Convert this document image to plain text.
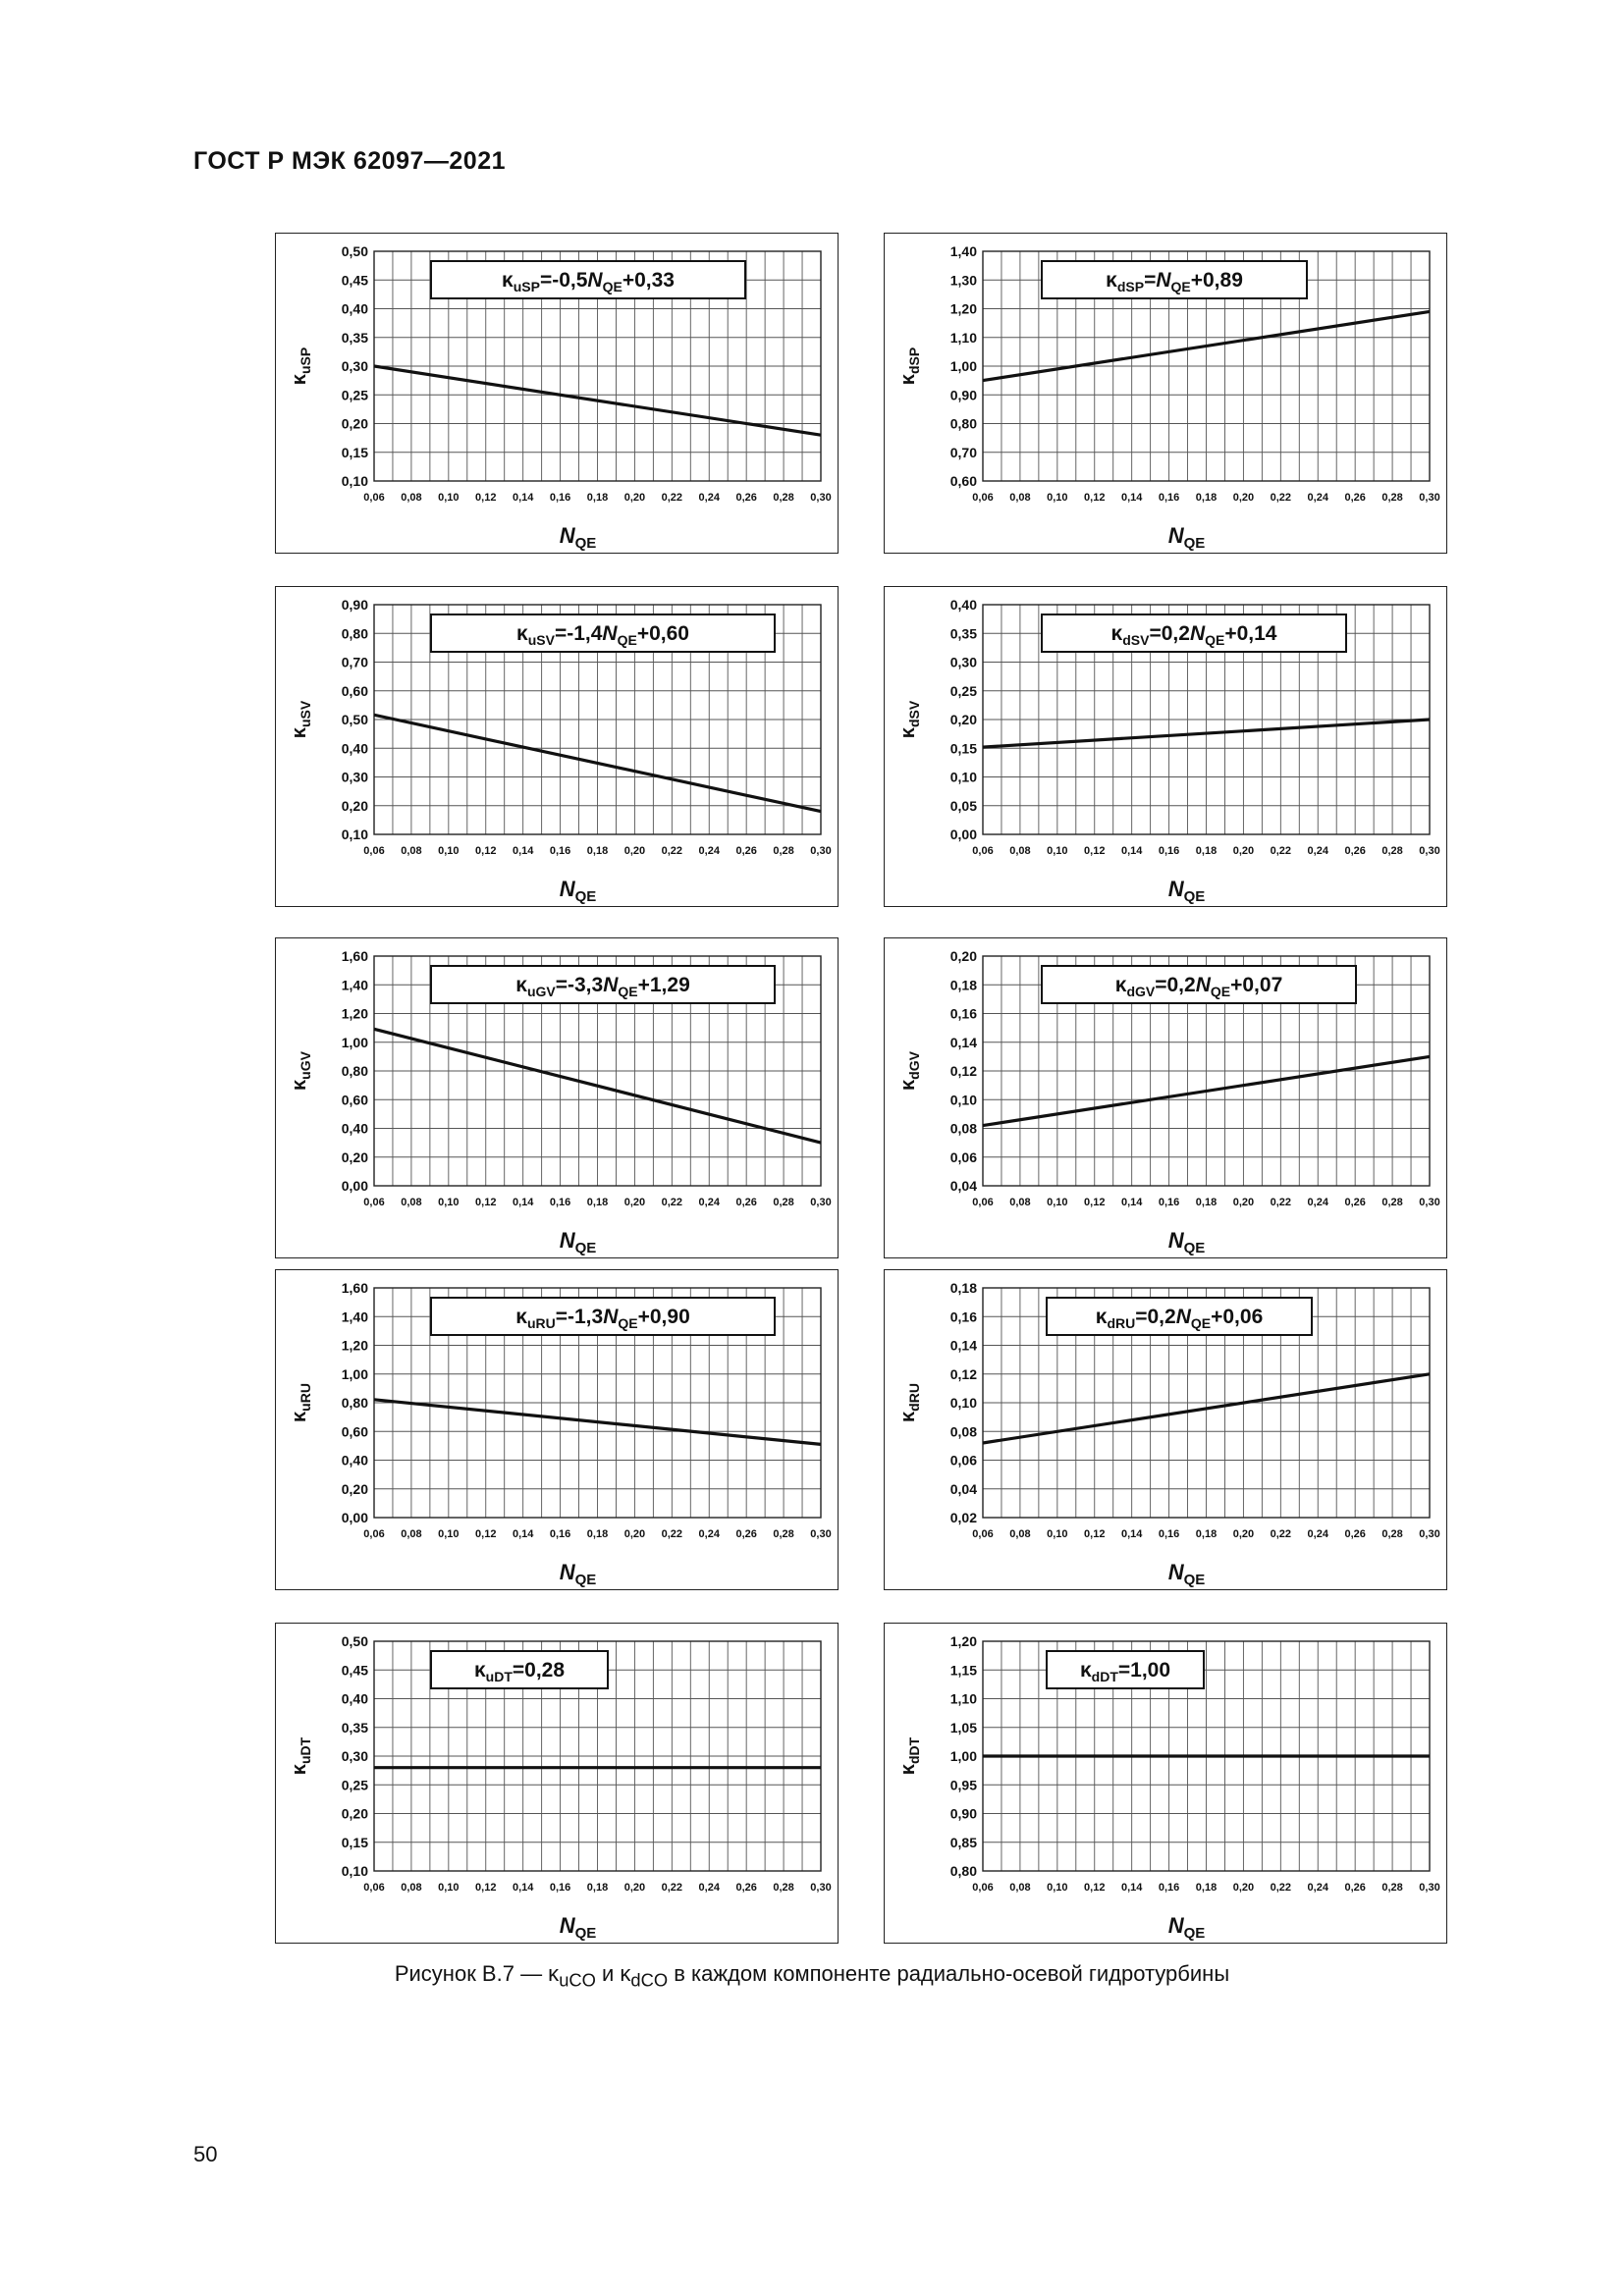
ГОСТ Р МЭК 62097—2021
0,10
0,15
0,20
0,25
0,30
0,35
0,40
0,45
0,50
0,06 0,08 0,10 0,12 0,14 0,16 0,18 0,20 0,22 0,24 0,26 0,28 0,30
$\kappa_{uSP}$
$N_{QE}$
$\kappa_{uSP}=-0,5N_{QE}+0,33$
0,60
0,70
0,80
0,90
1,00
1,10
1,20
1,30
1,40
0,06 0,08 0,10 0,12 0,14 0,16 0,18 0,20 0,22 0,24 0,26 0,28 0,30
$\kappa_{dSP}$
$N_{QE}$
$\kappa_{dSP}=N_{QE}+0,89$
0,10
0,20
0,30
0,40
0,50
0,60
0,70
0,80
0,90
0,06 0,08 0,10 0,12 0,14 0,16 0,18 0,20 0,22 0,24 0,26 0,28 0,30
$\kappa_{uSV}$
$N_{QE}$
$\kappa_{uSV}=-1,4N_{QE}+0,60$
0,00
0,05
0,10
0,15
0,20
0,25
0,30
0,35
0,40
0,06 0,08 0,10 0,12 0,14 0,16 0,18 0,20 0,22 0,24 0,26 0,28 0,30
$\kappa_{dSV}$
$N_{QE}$
$\kappa_{dSV}=0,2N_{QE}+0,14$
0,00
0,20
0,40
0,60
0,80
1,00
1,20
1,40
1,60
0,06 0,08 0,10 0,12 0,14 0,16 0,18 0,20 0,22 0,24 0,26 0,28 0,30
$\kappa_{uGV}$
$N_{QE}$
$\kappa_{uGV}=-3,3N_{QE}+1,29$
0,04
0,06
0,08
0,10
0,12
0,14
0,16
0,18
0,20
0,06 0,08 0,10 0,12 0,14 0,16 0,18 0,20 0,22 0,24 0,26 0,28 0,30
$\kappa_{dGV}$
$N_{QE}$
$\kappa_{dGV}=0,2N_{QE}+0,07$
0,00
0,20
0,40
0,60
0,80
1,00
1,20
1,40
1,60
0,06 0,08 0,10 0,12 0,14 0,16 0,18 0,20 0,22 0,24 0,26 0,28 0,30
$\kappa_{uRU}$
$N_{QE}$
$\kappa_{uRU}=-1,3N_{QE}+0,90$
0,02
0,04
0,06
0,08
0,10
0,12
0,14
0,16
0,18
0,06 0,08 0,10 0,12 0,14 0,16 0,18 0,20 0,22 0,24 0,26 0,28 0,30
$\kappa_{dRU}$
$N_{QE}$
$\kappa_{dRU}=0,2N_{QE}+0,06$
0,10
0,15
0,20
0,25
0,30
0,35
0,40
0,45
0,50
0,06 0,08 0,10 0,12 0,14 0,16 0,18 0,20 0,22 0,24 0,26 0,28 0,30
$\kappa_{uDT}$
$N_{QE}$
$\kappa_{uDT}=0,28$
0,80
0,85
0,90
0,95
1,00
1,05
1,10
1,15
1,20
0,06 0,08 0,10 0,12 0,14 0,16 0,18 0,20 0,22 0,24 0,26 0,28 0,30
$\kappa_{dDT}$
$N_{QE}$
$\kappa_{dDT}=1,00$
Рисунок В.7 — $\kappa_{uCO}$ и $\kappa_{dCO}$ в каждом компоненте радиально-осевой гидротурбины
50
